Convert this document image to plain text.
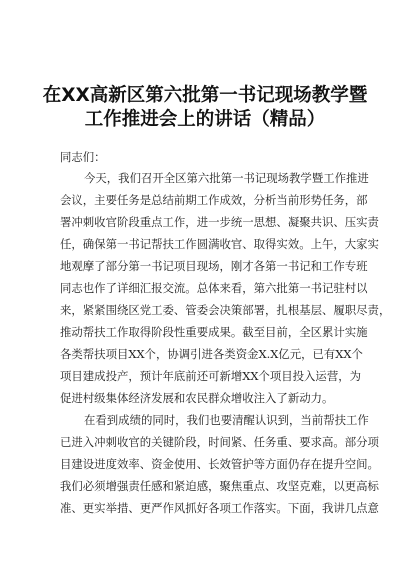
在XX高新区第六批第一书记现场教学暨
工作推进会上的讲话（精品）
同志们：
今天，我们召开全区第六批第一书记现场教学暨工作推进
会议，主要任务是总结前期工作成效，分析当前形势任务，部
署冲刺收官阶段重点工作，进一步统一思想、凝聚共识、压实责
任，确保第一书记帮扶工作圆满收官、取得实效。上午，大家实
地观摩了部分第一书记项目现场，刚才各第一书记和工作专班
同志也作了详细汇报交流。总体来看，第六批第一书记驻村以
来，紧紧围绕区党工委、管委会决策部署，扎根基层、履职尽责，
推动帮扶工作取得阶段性重要成果。截至目前，全区累计实施
各类帮扶项目XX个，协调引进各类资金X.X亿元，已有XX个
项目建成投产，预计年底前还可新增XX个项目投入运营，为
促进村级集体经济发展和农民群众增收注入了新动力。
在看到成绩的同时，我们也要清醒认识到，当前帮扶工作
已进入冲刺收官的关键阶段，时间紧、任务重、要求高。部分项
目建设进度效率、资金使用、长效管护等方面仍存在提升空间。
我们必须增强责任感和紧迫感，聚焦重点、攻坚克难，以更高标
准、更实举措、更严作风抓好各项工作落实。下面，我讲几点意
